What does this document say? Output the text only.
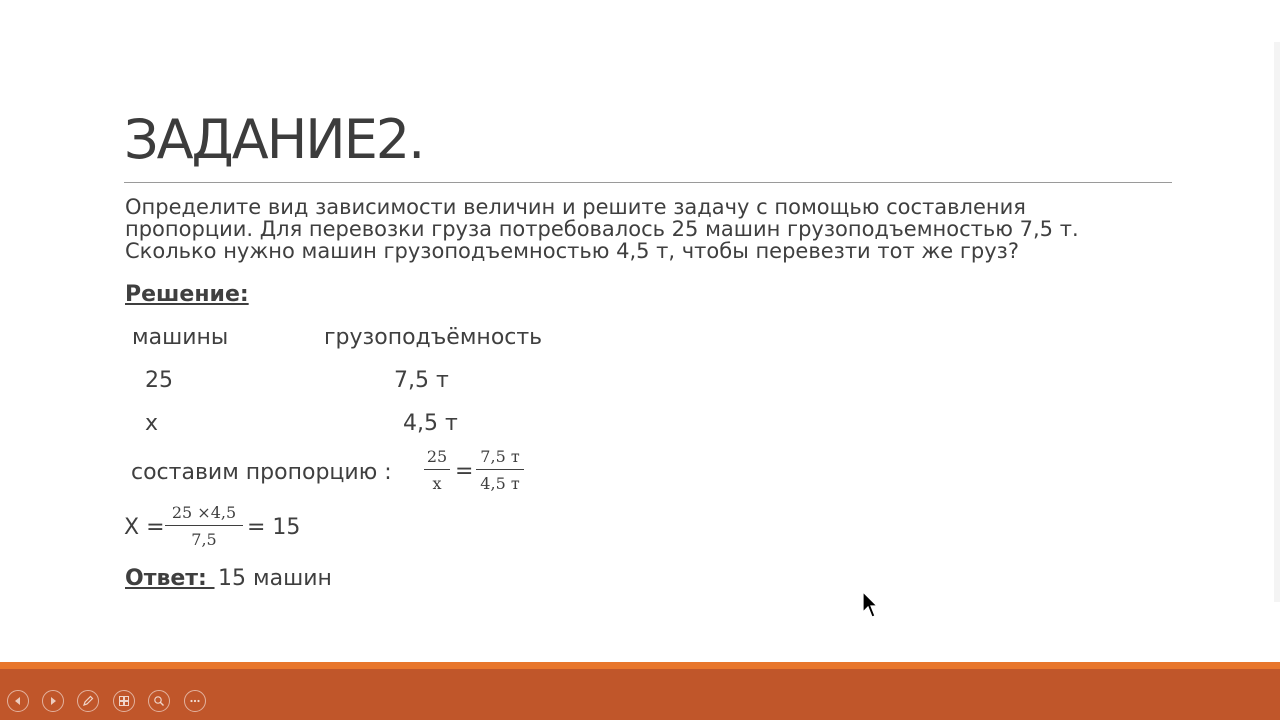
ЗАДАНИЕ2.
Определите вид зависимости величин и решите задачу с помощью составления
пропорции. Для перевозки груза потребовалось 25 машин грузоподъемностью 7,5 т.
Сколько нужно машин грузоподъемностью 4,5 т, чтобы перевезти тот же груз?
Решение:
машины	грузоподъёмность
25	7,5 т
х	4,5 т
составим пропорцию :
25
x =
7,5 т
4,5 т
Х =
25 ×4,5
7,5 = 15
Ответ: 15 машин
